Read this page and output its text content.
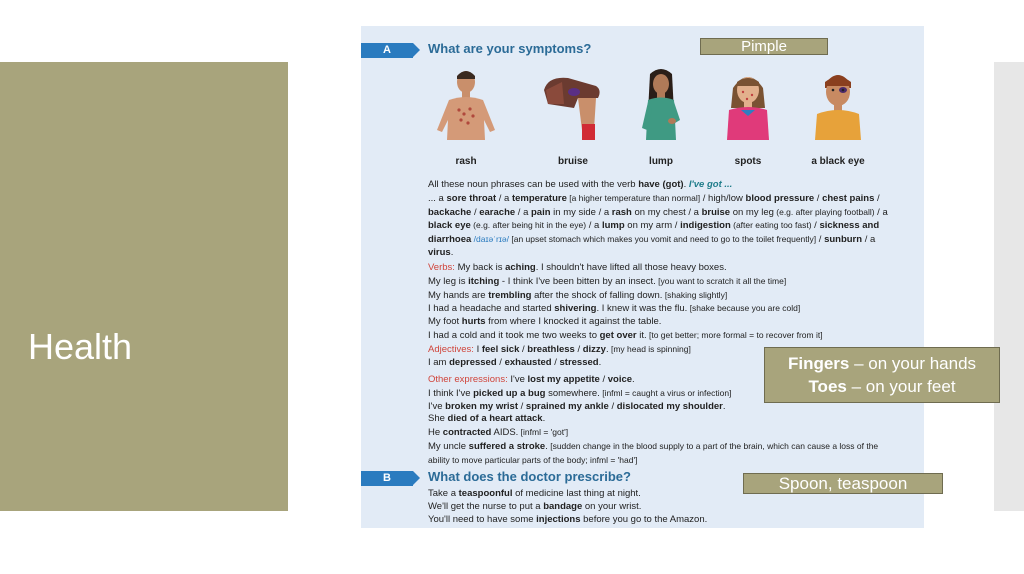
Health
A	What are your symptoms?
rash	bruise	lump	spots	a black eye

All these noun phrases can be used with the verb have (got). I've got ...

... a sore throat / a temperature [a higher temperature than normal] / high/low blood pressure / chest pains / backache / earache / a pain in my side / a rash on my chest / a bruise on my leg (e.g. after playing football) / a black eye (e.g. after being hit in the eye) / a lump on my arm / indigestion (after eating too fast) / sickness and diarrhoea /daɪəˈrɪə/ [an upset stomach which makes you vomit and need to go to the toilet frequently] / sunburn / a virus.

Verbs: My back is aching. I shouldn't have lifted all those heavy boxes.

My leg is itching - I think I've been bitten by an insect. [you want to scratch it all the time]

My hands are trembling after the shock of falling down. [shaking slightly]

I had a headache and started shivering. I knew it was the flu. [shake because you are cold]

My foot hurts from where I knocked it against the table.

I had a cold and it took me two weeks to get over it. [to get better; more formal = to recover from it]

Adjectives: I feel sick / breathless / dizzy. [my head is spinning]

I am depressed / exhausted / stressed.

Other expressions: I've lost my appetite / voice.

I think I've picked up a bug somewhere. [infml = caught a virus or infection]

I've broken my wrist / sprained my ankle / dislocated my shoulder.

She died of a heart attack.

He contracted AIDS. [infml = 'got']

My uncle suffered a stroke. [sudden change in the blood supply to a part of the brain, which can cause a loss of the ability to move particular parts of the body; infml = 'had']

B	What does the doctor prescribe?

Take a teaspoonful of medicine last thing at night.

We'll get the nurse to put a bandage on your wrist.

You'll need to have some injections before you go to the Amazon.

Pimple
Fingers – on your hands
Toes – on your feet
Spoon, teaspoon
